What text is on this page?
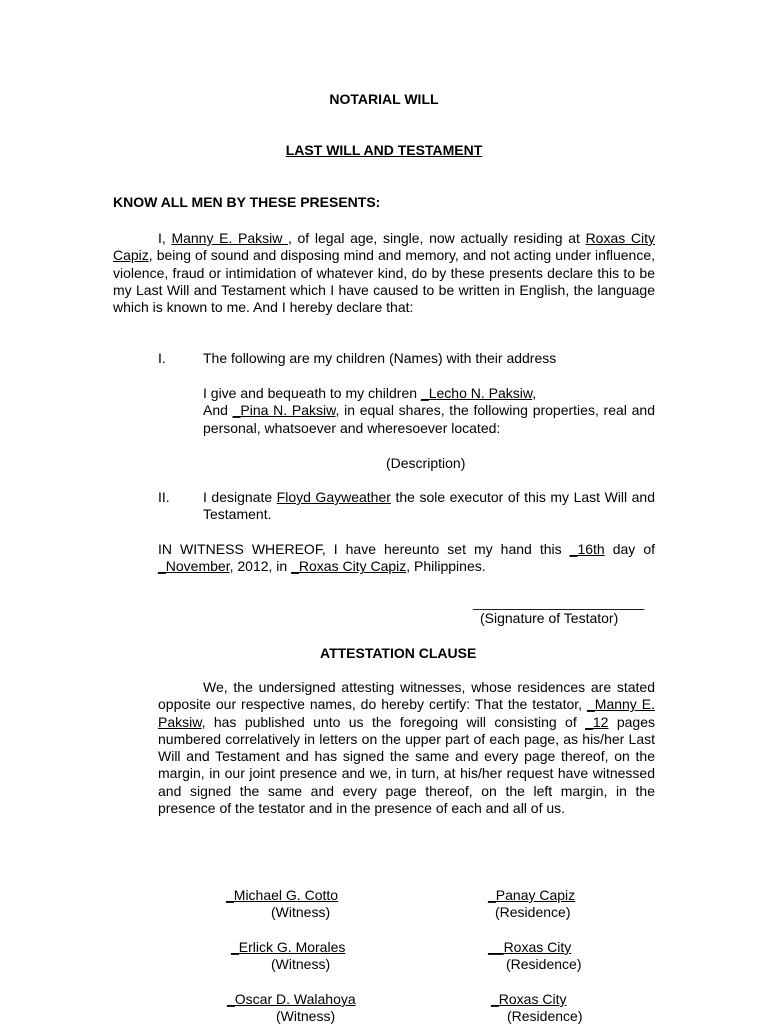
NOTARIAL WILL
LAST WILL AND TESTAMENT
KNOW ALL MEN BY THESE PRESENTS:
I, Manny E. Paksiw , of legal age, single, now actually residing at Roxas City Capiz, being of sound and disposing mind and memory, and not acting under influence, violence, fraud or intimidation of whatever kind, do by these presents declare this to be my Last Will and Testament which I have caused to be written in English, the language which is known to me. And I hereby declare that:
I.	The following are my children (Names) with their address
I give and bequeath to my children _Lecho N. Paksiw,
And _Pina N. Paksiw, in equal shares, the following properties, real and personal, whatsoever and wheresoever located:
(Description)
II. I designate Floyd Gayweather the sole executor of this my Last Will and Testament.
IN WITNESS WHEREOF, I have hereunto set my hand this _16th day of _November, 2012, in _Roxas City Capiz, Philippines.
______________________
(Signature of Testator)
ATTESTATION CLAUSE
We, the undersigned attesting witnesses, whose residences are stated opposite our respective names, do hereby certify: That the testator, _Manny E. Paksiw, has published unto us the foregoing will consisting of _12 pages numbered correlatively in letters on the upper part of each page, as his/her Last Will and Testament and has signed the same and every page thereof, on the margin, in our joint presence and we, in turn, at his/her request have witnessed and signed the same and every page thereof, on the left margin, in the presence of the testator and in the presence of each and all of us.
_Michael G. Cotto
(Witness)
_Panay Capiz
(Residence)
_Erlick G. Morales
(Witness)
__Roxas City
(Residence)
_Oscar D. Walahoya
(Witness)
_Roxas City
(Residence)
